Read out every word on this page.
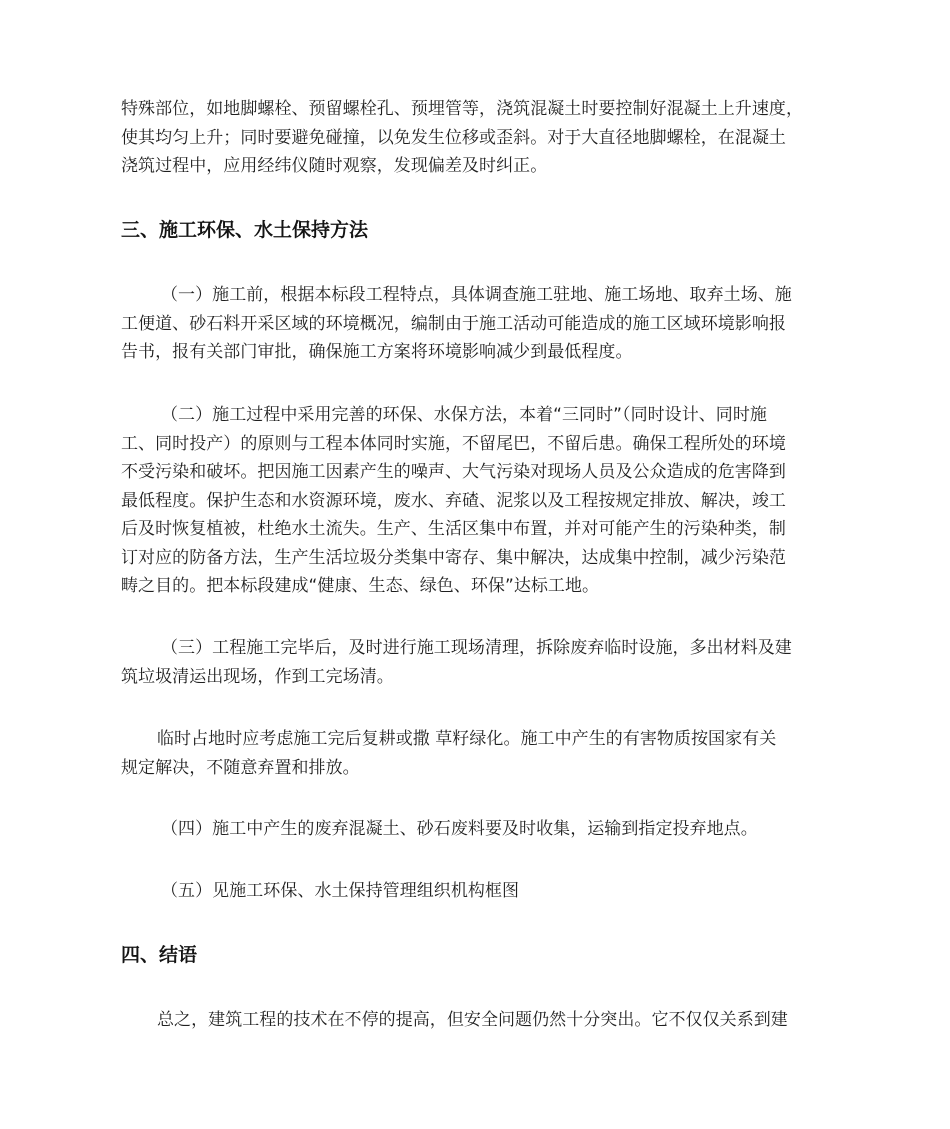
特殊部位，如地脚螺栓、预留螺栓孔、预埋管等，浇筑混凝土时要控制好混凝土上升速度，
使其均匀上升；同时要避免碰撞，以免发生位移或歪斜。对于大直径地脚螺栓，在混凝土
浇筑过程中，应用经纬仪随时观察，发现偏差及时纠正。
三、施工环保、水土保持方法
（一）施工前，根据本标段工程特点，具体调查施工驻地、施工场地、取弃土场、施
工便道、砂石料开采区域的环境概况，编制由于施工活动可能造成的施工区域环境影响报
告书，报有关部门审批，确保施工方案将环境影响减少到最低程度。
（二）施工过程中采用完善的环保、水保方法，本着“三同时”（同时设计、同时施
工、同时投产）的原则与工程本体同时实施，不留尾巴，不留后患。确保工程所处的环境
不受污染和破坏。把因施工因素产生的噪声、大气污染对现场人员及公众造成的危害降到
最低程度。保护生态和水资源环境，废水、弃碴、泥浆以及工程按规定排放、解决，竣工
后及时恢复植被，杜绝水土流失。生产、生活区集中布置，并对可能产生的污染种类，制
订对应的防备方法，生产生活垃圾分类集中寄存、集中解决，达成集中控制，减少污染范
畴之目的。把本标段建成“健康、生态、绿色、环保”达标工地。
（三）工程施工完毕后，及时进行施工现场清理，拆除废弃临时设施，多出材料及建
筑垃圾清运出现场，作到工完场清。
临时占地时应考虑施工完后复耕或撒 草籽绿化。施工中产生的有害物质按国家有关
规定解决，不随意弃置和排放。
（四）施工中产生的废弃混凝土、砂石废料要及时收集，运输到指定投弃地点。
（五）见施工环保、水土保持管理组织机构框图
四、结语
总之，建筑工程的技术在不停的提高，但安全问题仍然十分突出。它不仅仅关系到建
